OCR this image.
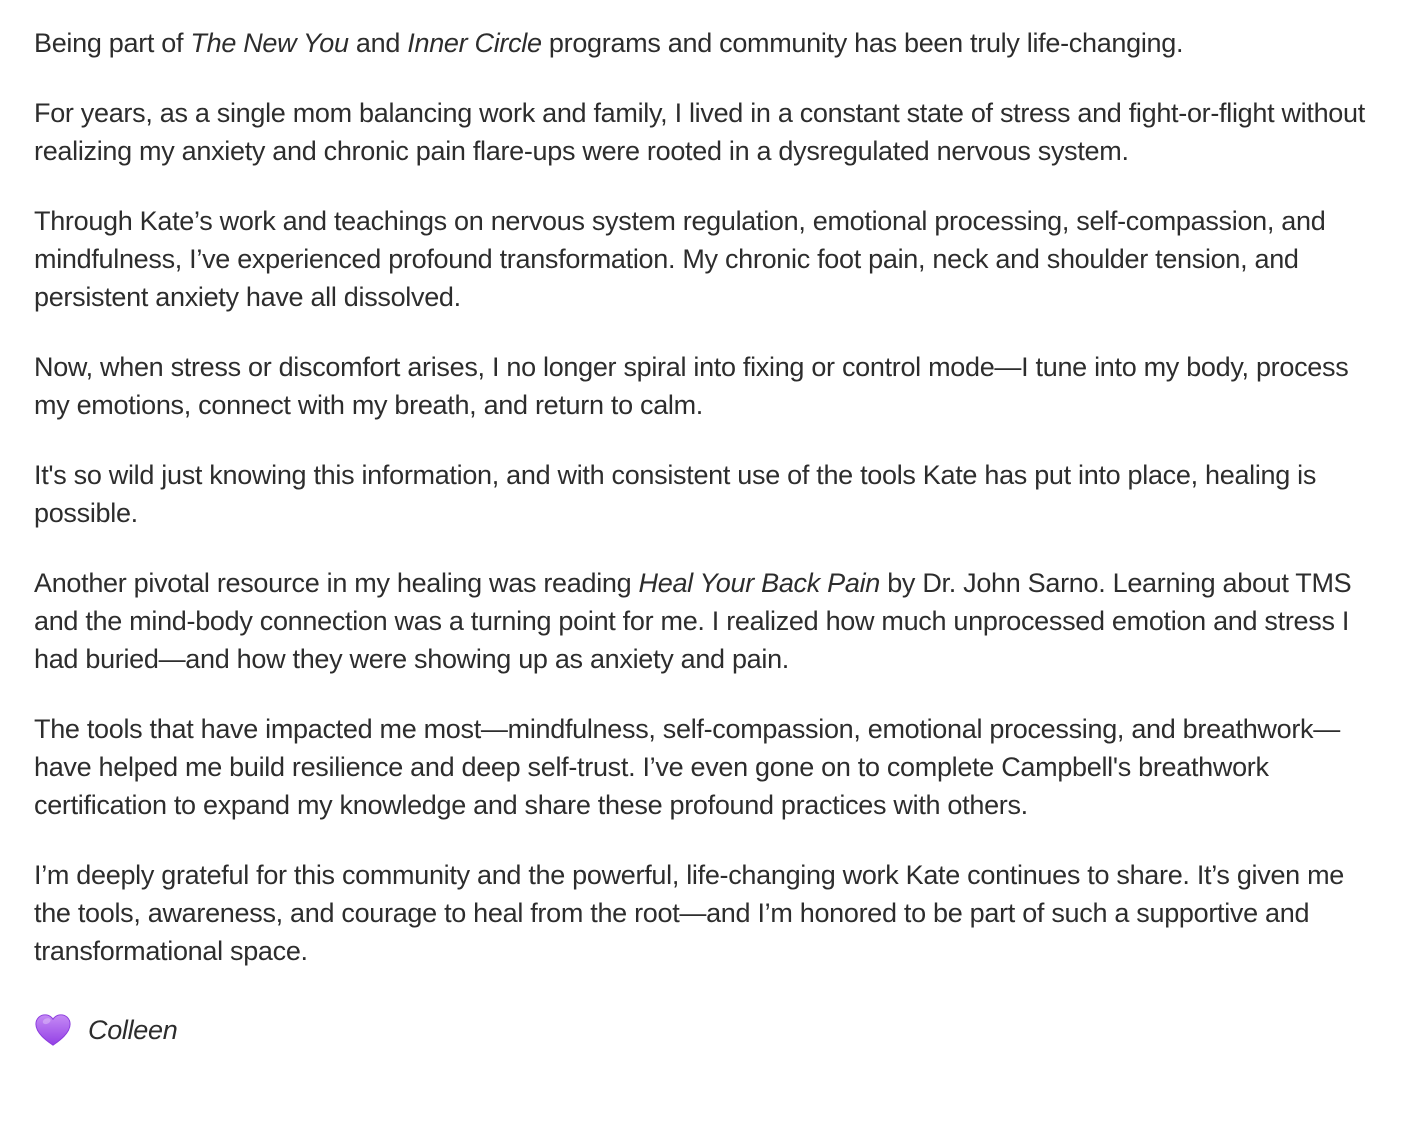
Being part of The New You and Inner Circle programs and community has been truly life-changing.

For years, as a single mom balancing work and family, I lived in a constant state of stress and fight-or-flight without realizing my anxiety and chronic pain flare-ups were rooted in a dysregulated nervous system.

Through Kate’s work and teachings on nervous system regulation, emotional processing, self-compassion, and mindfulness, I’ve experienced profound transformation. My chronic foot pain, neck and shoulder tension, and persistent anxiety have all dissolved.

Now, when stress or discomfort arises, I no longer spiral into fixing or control mode—I tune into my body, process my emotions, connect with my breath, and return to calm.

It's so wild just knowing this information, and with consistent use of the tools Kate has put into place, healing is possible.

Another pivotal resource in my healing was reading Heal Your Back Pain by Dr. John Sarno. Learning about TMS and the mind-body connection was a turning point for me. I realized how much unprocessed emotion and stress I had buried—and how they were showing up as anxiety and pain.

The tools that have impacted me most—mindfulness, self-compassion, emotional processing, and breathwork—have helped me build resilience and deep self-trust. I’ve even gone on to complete Campbell's breathwork certification to expand my knowledge and share these profound practices with others.

I’m deeply grateful for this community and the powerful, life-changing work Kate continues to share. It’s given me the tools, awareness, and courage to heal from the root—and I’m honored to be part of such a supportive and transformational space.

Colleen
